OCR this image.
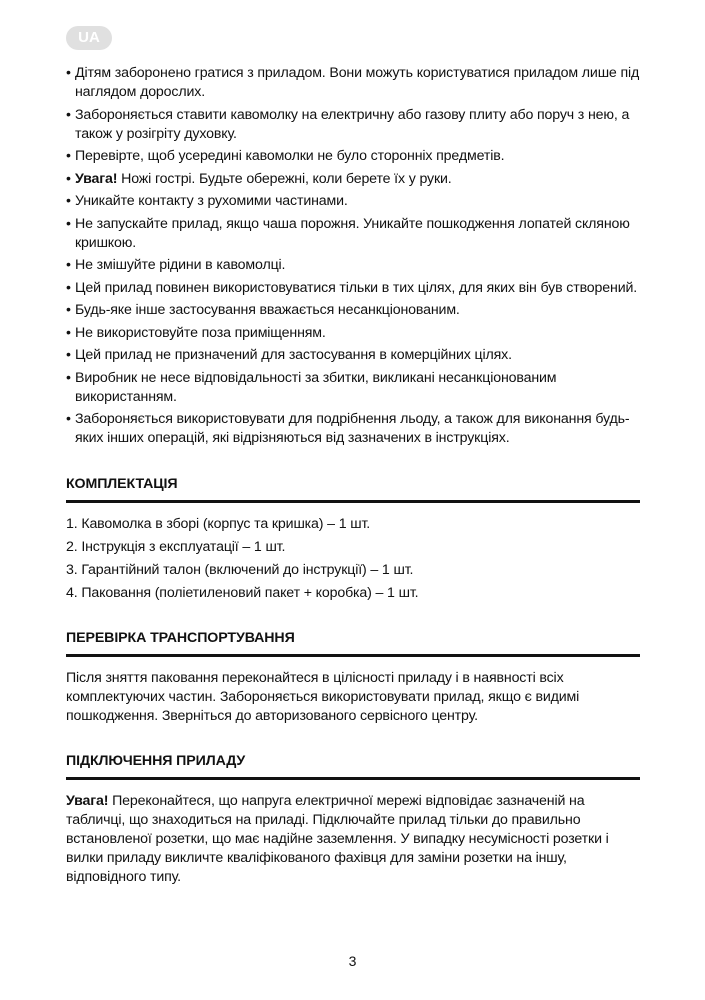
UA
• Дітям заборонено гратися з приладом. Вони можуть користуватися приладом лише під наглядом дорослих.
• Забороняється ставити кавомолку на електричну або газову плиту або поруч з нею, а також у розігріту духовку.
• Перевірте, щоб усередині кавомолки не було сторонніх предметів.
• Увага! Ножі гострі. Будьте обережні, коли берете їх у руки.
• Уникайте контакту з рухомими частинами.
• Не запускайте прилад, якщо чаша порожня. Уникайте пошкодження лопатей скляною кришкою.
• Не змішуйте рідини в кавомолці.
• Цей прилад повинен використовуватися тільки в тих цілях, для яких він був створений.
• Будь-яке інше застосування вважається несанкціонованим.
• Не використовуйте поза приміщенням.
• Цей прилад не призначений для застосування в комерційних цілях.
• Виробник не несе відповідальності за збитки, викликані несанкціонованим використанням.
• Забороняється використовувати для подрібнення льоду, а також для виконання будь-яких інших операцій, які відрізняються від зазначених в інструкціях.
КОМПЛЕКТАЦІЯ
1. Кавомолка в зборі (корпус та кришка) – 1 шт.
2. Інструкція з експлуатації – 1 шт.
3. Гарантійний талон (включений до інструкції) – 1 шт.
4. Паковання (поліетиленовий пакет + коробка) – 1 шт.
ПЕРЕВІРКА ТРАНСПОРТУВАННЯ

Після зняття паковання переконайтеся в цілісності приладу і в наявності всіх комплектуючих частин. Забороняється використовувати прилад, якщо є видимі пошкодження. Зверніться до авторизованого сервісного центру.

ПІДКЛЮЧЕННЯ ПРИЛАДУ

Увага! Переконайтеся, що напруга електричної мережі відповідає зазначеній на табличці, що знаходиться на приладі. Підключайте прилад тільки до правильно встановленої розетки, що має надійне заземлення. У випадку несумісності розетки і вилки приладу викличте кваліфікованого фахівця для заміни розетки на іншу, відповідного типу.

3
